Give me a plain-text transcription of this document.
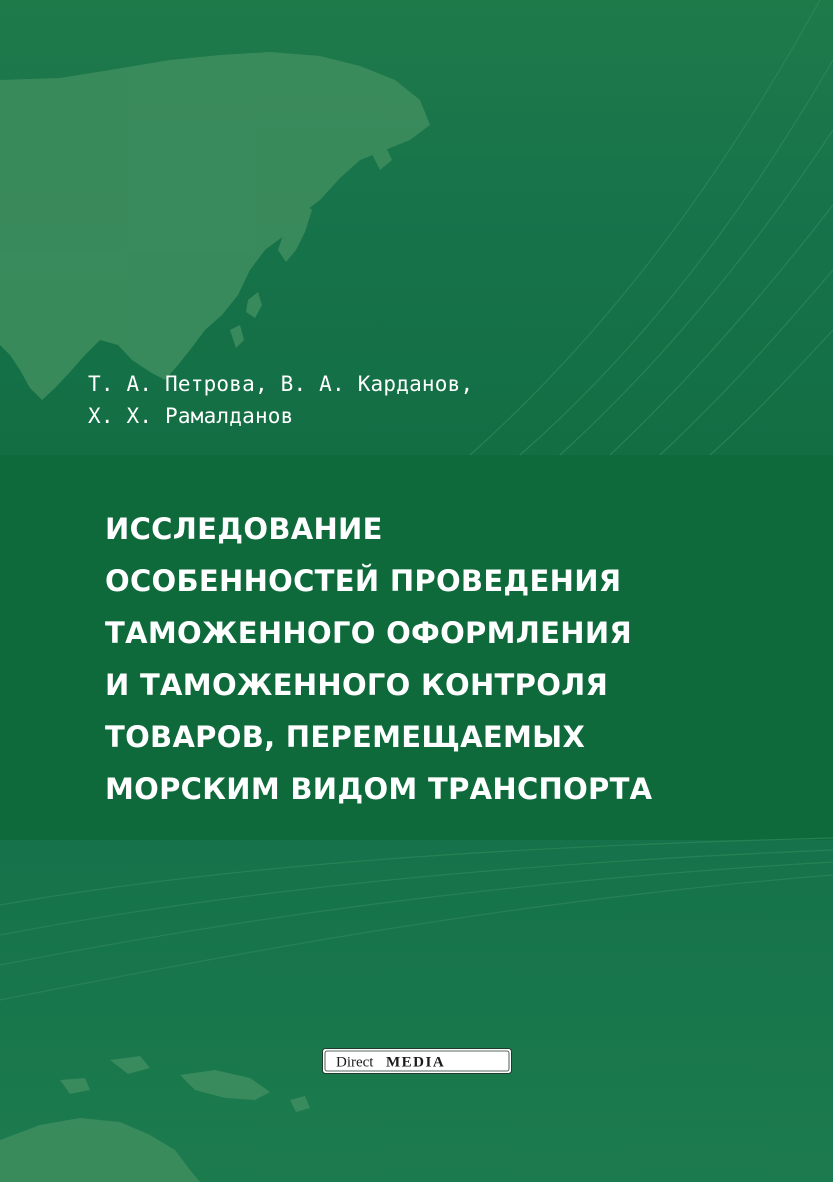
Т. А. Петрова, В. А. Карданов,
Х. Х. Рамалданов
ИССЛЕДОВАНИЕ
ОСОБЕННОСТЕЙ ПРОВЕДЕНИЯ
ТАМОЖЕННОГО ОФОРМЛЕНИЯ
И ТАМОЖЕННОГО КОНТРОЛЯ
ТОВАРОВ, ПЕРЕМЕЩАЕМЫХ
МОРСКИМ ВИДОМ ТРАНСПОРТА
Direct MEDIA
